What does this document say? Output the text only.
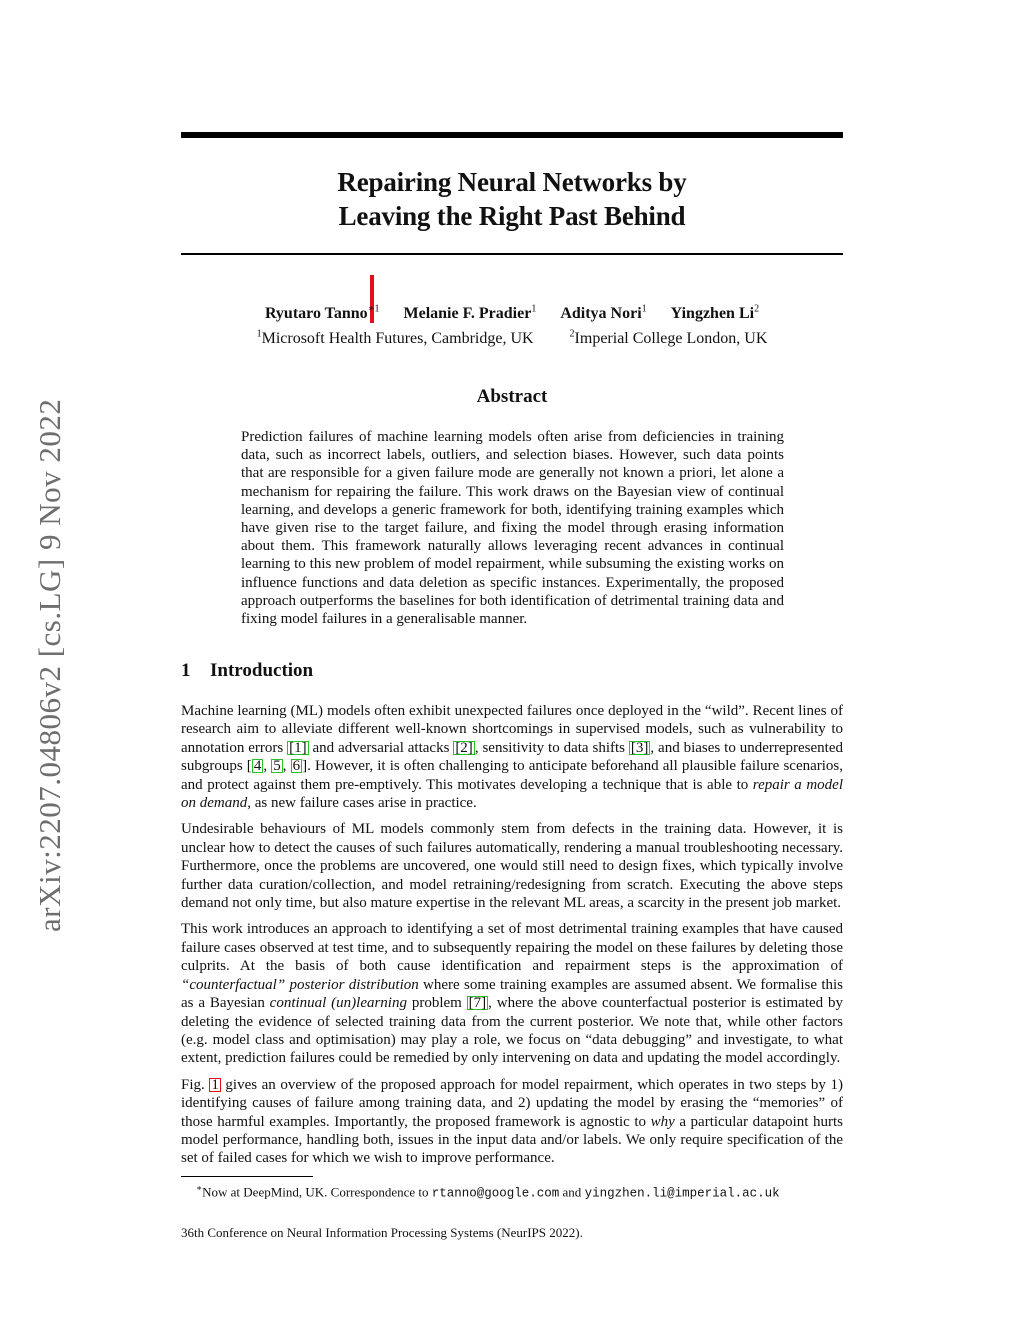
arXiv:2207.04806v2 [cs.LG] 9 Nov 2022
Repairing Neural Networks by
Leaving the Right Past Behind
Ryutaro Tanno$^{∗1}$ Melanie F. Pradier$^1$ Aditya Nori$^1$ Yingzhen Li$^2$
$^1$Microsoft Health Futures, Cambridge, UK	$^2$Imperial College London, UK
Abstract
Prediction failures of machine learning models often arise from deficiencies in training data, such as incorrect labels, outliers, and selection biases. However, such data points that are responsible for a given failure mode are generally not known a priori, let alone a mechanism for repairing the failure. This work draws on the Bayesian view of continual learning, and develops a generic framework for both, identifying training examples which have given rise to the target failure, and fixing the model through erasing information about them. This framework naturally allows leveraging recent advances in continual learning to this new problem of model repairment, while subsuming the existing works on influence functions and data deletion as specific instances. Experimentally, the proposed approach outperforms the baselines for both identification of detrimental training data and fixing model failures in a generalisable manner.
1 Introduction

Machine learning (ML) models often exhibit unexpected failures once deployed in the “wild”. Recent lines of research aim to alleviate different well-known shortcomings in supervised models, such as vulnerability to annotation errors [1] and adversarial attacks [2] , sensitivity to data shifts [3] , and biases to underrepresented subgroups [ 4 , 5 , 6 ]. However, it is often challenging to anticipate beforehand all plausible failure scenarios, and protect against them pre-emptively. This motivates developing a technique that is able to repair a model on demand, as new failure cases arise in practice.

Undesirable behaviours of ML models commonly stem from defects in the training data. However, it is unclear how to detect the causes of such failures automatically, rendering a manual troubleshooting necessary. Furthermore, once the problems are uncovered, one would still need to design fixes, which typically involve further data curation/collection, and model retraining/redesigning from scratch. Executing the above steps demand not only time, but also mature expertise in the relevant ML areas, a scarcity in the present job market.

This work introduces an approach to identifying a set of most detrimental training examples that have caused failure cases observed at test time, and to subsequently repairing the model on these failures by deleting those culprits. At the basis of both cause identification and repairment steps is the approximation of “counterfactual” posterior distribution where some training examples are assumed absent. We formalise this as a Bayesian continual (un)learning problem [7] , where the above counterfactual posterior is estimated by deleting the evidence of selected training data from the current posterior. We note that, while other factors (e.g. model class and optimisation) may play a role, we focus on “data debugging” and investigate, to what extent, prediction failures could be remedied by only intervening on data and updating the model accordingly.

Fig. 1 gives an overview of the proposed approach for model repairment, which operates in two steps by 1) identifying causes of failure among training data, and 2) updating the model by erasing the “memories” of those harmful examples. Importantly, the proposed framework is agnostic to why a particular datapoint hurts model performance, handling both, issues in the input data and/or labels. We only require specification of the set of failed cases for which we wish to improve performance.

∗Now at DeepMind, UK. Correspondence to rtanno@google.com and yingzhen.li@imperial.ac.uk
36th Conference on Neural Information Processing Systems (NeurIPS 2022).
